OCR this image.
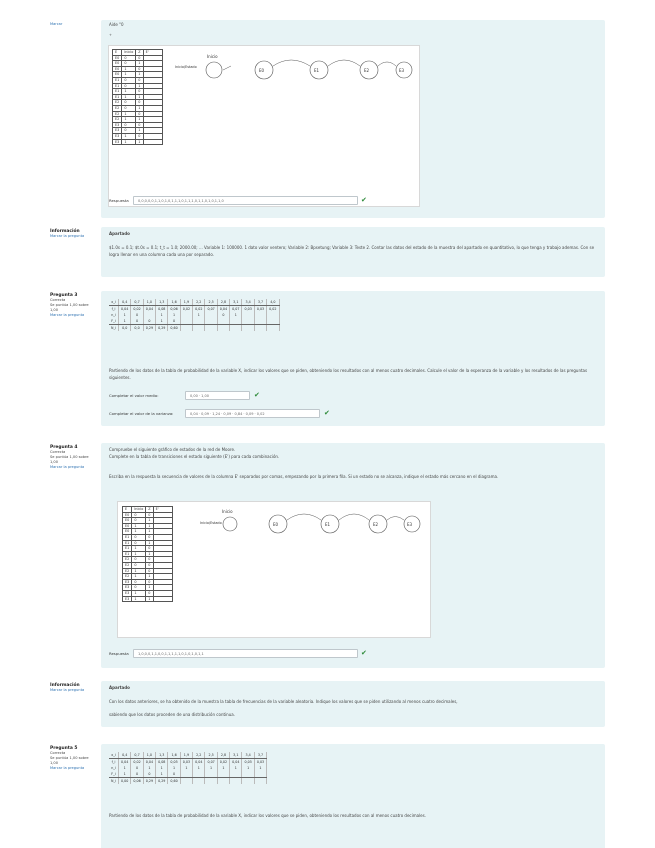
Marcar	Aide "0
+
E	Inicio	Z	E'
E0	0	0	
E0	0	1	
E0	1	0	
E0	1	1	
E1	0	0	
E1	0	1	
E1	1	0	
E1	1	1	
E2	0	0	
E2	0	1	
E2	1	0	
E2	1	1	
E3	0	0	
E3	0	1	
E3	1	0	
E3	1	1	
Inicio
Inicio/Estado
E0	E1	E2	E3
Respuesta	0,0,0,0,0,1,1,0,1,0,1,1,1,0,1,1,1,0,1,1,0,1,0,1,1,0	✔
Información
Marcar la pregunta	Apartado
$1.0s = 0.1; $t.0s = 0.1; t_t = 1.0; 2000.00; ... Variable 1: 100000. 1 dato valor ventero; Variable 2: Bpsetung; Variable 3: Teste 2. Contar las datos del estado de la muestra del apartado en quantitativo, lo que tenga y trabajo ademas. Con se logra llenar en una columna cada una por separado.
Pregunta 3
Correcta
Se puntúa 1,00 sobre 1,00
Marcar la pregunta
x_i	0,4	0,7	1,0	1,3	1,6	1,9	2,2	2,5	2,8	3,1	3,4	3,7	4,0
f_i	0,04	0,02	0,04	0,08	0,06	0,02	0,02	0,07	0,04	0,07	0,03	0,03	0,02
n_i	1	0		1	1		1		0	1			
F_i	1	0	0	1	0								
N_i	0,0	0,0	0,29	0,29	0,60								
Partiendo de los datos de la tabla de probabilidad de la variable X, indicar los valores que se piden, obteniendo los resultados con al menos cuatro decimales. Calcule el valor de la esperanza de la variable y los resultados de las preguntas siguientes.
Completar el valor medio:	0,00 · 1,00	✔
Completar el valor de la varianza:	0,04 · 0,09 · 1,24 · 0,09 · 0,84 · 0,09 · 0,02	✔
Pregunta 4
Correcta
Se puntúa 1,00 sobre 1,00
Marcar la pregunta
Compruebe el siguiente gráfico de estados de la red de Moore.
Complete en la tabla de transiciones el estado siguiente (E') para cada combinación.
Escriba en la respuesta la secuencia de valores de la columna E' separados por comas, empezando por la primera fila. Si un estado no se alcanza, indique el estado más cercano en el diagrama.
E	Inicio	Z	E'
E0	0	0	
E0	0	1	
E0	1	1	
E0	1	1	
E1	0	0	
E1	0	1	
E1	1	0	
E1	1	1	
E2	0	0	
E2	0	0	
E2	1	0	
E2	1	1	
E3	0	0	
E3	0	1	
E3	1	0	
E3	1	1	
Inicio
Inicio/Estado	E0	E1	E2	E3
Respuesta	1,0,0,0,1,1,0,0,1,1,1,1,1,0,1,0,1,0,1,1	✔
Información
Marcar la pregunta	Apartado
Con los datos anteriores, se ha obtenido de la muestra la tabla de frecuencias de la variable aleatoria. Indique los valores que se piden utilizando al menos cuatro decimales,
sabiendo que los datos proceden de una distribución continua.
Pregunta 5
Correcta
Se puntúa 1,00 sobre 1,00
Marcar la pregunta
x_i	0,4	0,7	1,0	1,3	1,6	1,9	2,2	2,5	2,8	3,1	3,4	3,7
f_i	0,04	0,02	0,04	0,08	0,05	0,03	0,04	0,07	0,02	0,04	0,05	0,03
n_i	1	0	1	1	1	1	1	1	1	1	1	1
F_i	1	0	0	1	0							
N_i	0,00	0,06	0,29	0,29	0,60							
Partiendo de los datos de la tabla de probabilidad de la variable X, indicar los valores que se piden, obteniendo los resultados con al menos cuatro decimales.
